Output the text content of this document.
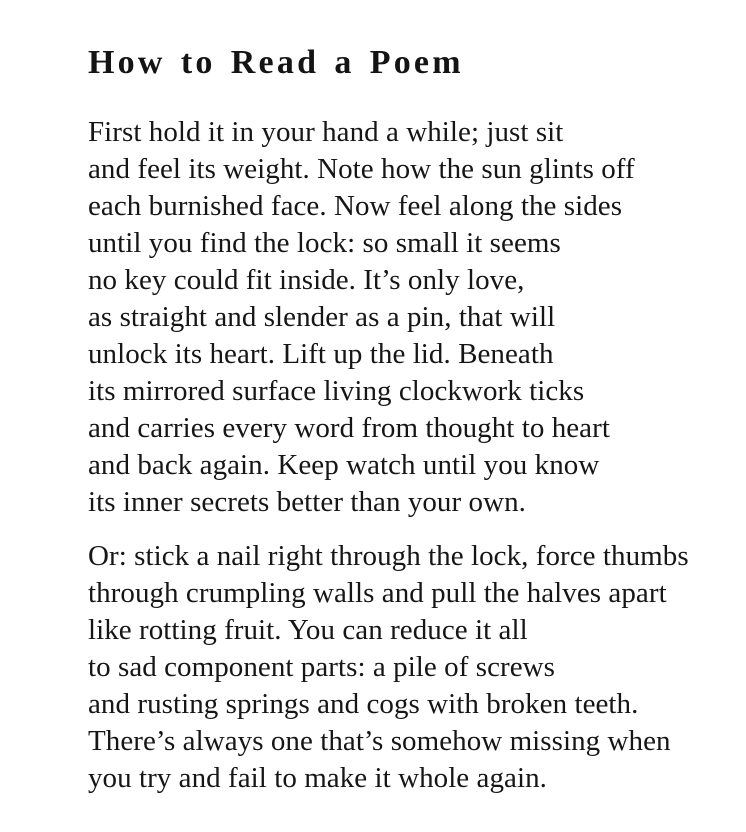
How to Read a Poem
First hold it in your hand a while; just sit
and feel its weight. Note how the sun glints off
each burnished face. Now feel along the sides
until you find the lock: so small it seems
no key could fit inside. It’s only love,
as straight and slender as a pin, that will
unlock its heart. Lift up the lid. Beneath
its mirrored surface living clockwork ticks
and carries every word from thought to heart
and back again. Keep watch until you know
its inner secrets better than your own.
Or: stick a nail right through the lock, force thumbs
through crumpling walls and pull the halves apart
like rotting fruit. You can reduce it all
to sad component parts: a pile of screws
and rusting springs and cogs with broken teeth.
There’s always one that’s somehow missing when
you try and fail to make it whole again.
